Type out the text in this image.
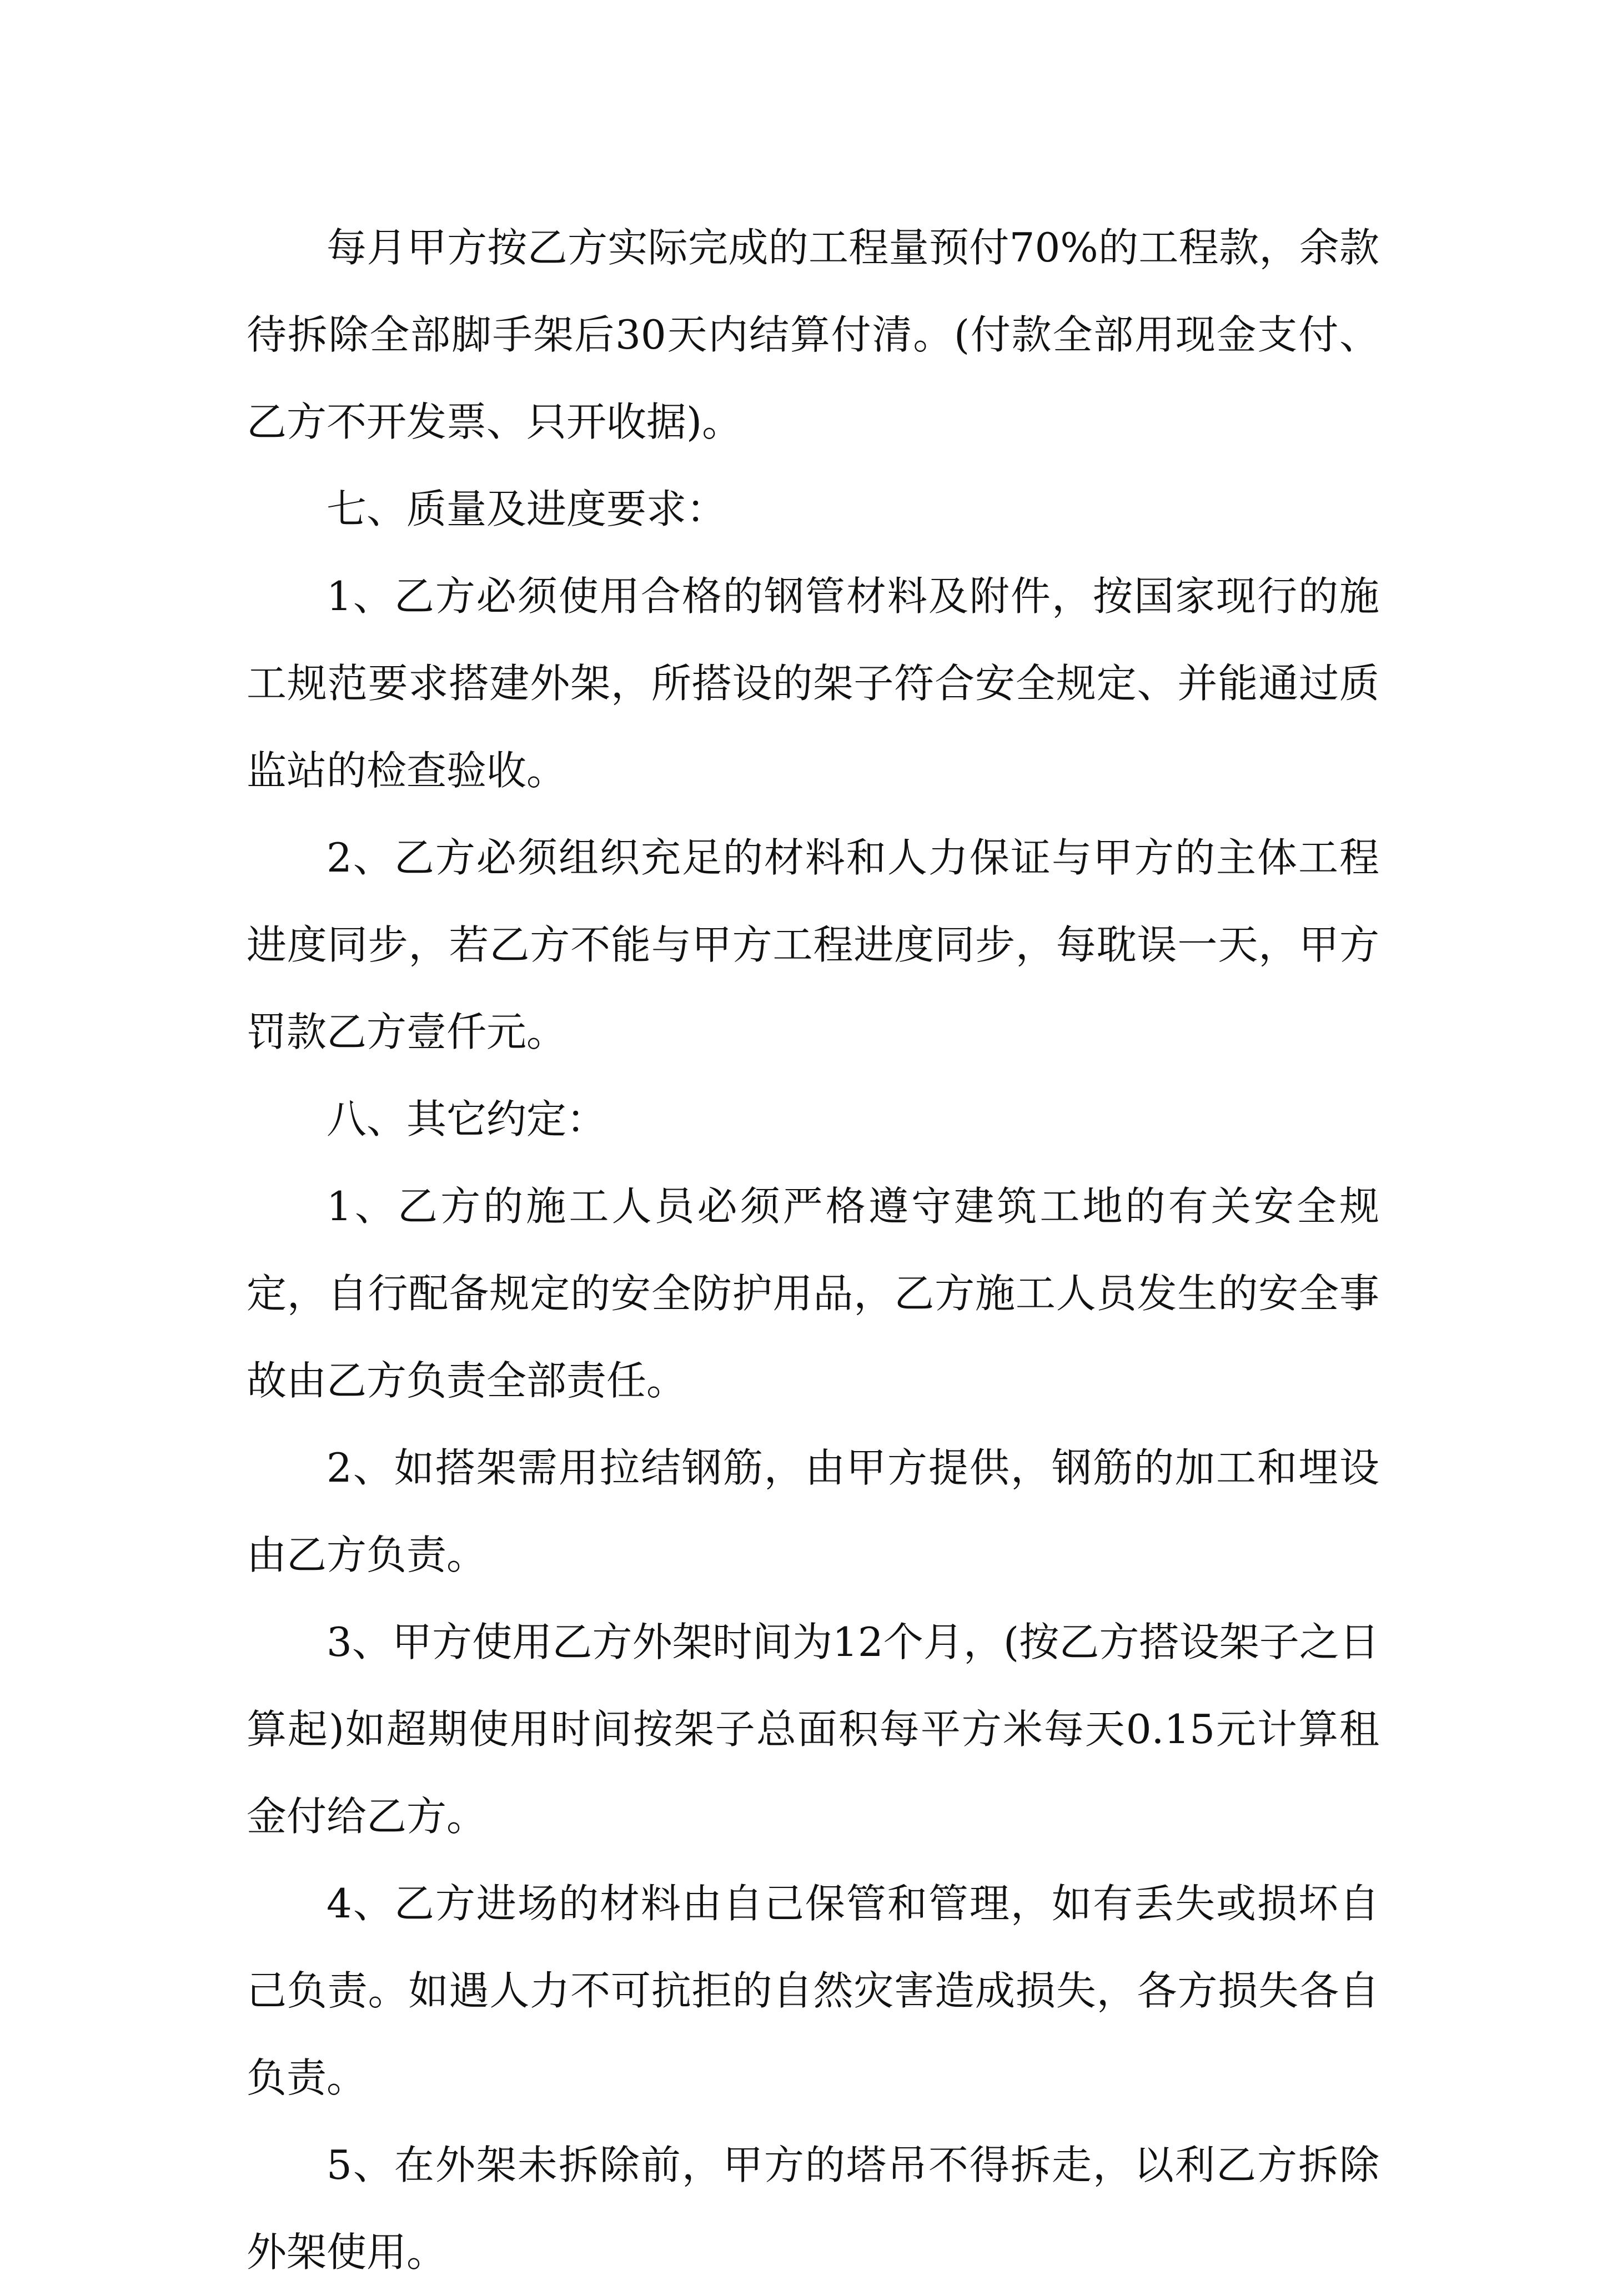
每月甲方按乙方实际完成的工程量预付70%的工程款，余款待拆除全部脚手架后30天内结算付清。(付款全部用现金支付、乙方不开发票、只开收据)。

七、质量及进度要求：

1、乙方必须使用合格的钢管材料及附件，按国家现行的施工规范要求搭建外架，所搭设的架子符合安全规定、并能通过质监站的检查验收。

2、乙方必须组织充足的材料和人力保证与甲方的主体工程进度同步，若乙方不能与甲方工程进度同步，每耽误一天，甲方罚款乙方壹仟元。

八、其它约定：

1、乙方的施工人员必须严格遵守建筑工地的有关安全规定，自行配备规定的安全防护用品，乙方施工人员发生的安全事故由乙方负责全部责任。

2、如搭架需用拉结钢筋，由甲方提供，钢筋的加工和埋设由乙方负责。

3、甲方使用乙方外架时间为12个月，(按乙方搭设架子之日算起)如超期使用时间按架子总面积每平方米每天0.15元计算租金付给乙方。

4、乙方进场的材料由自己保管和管理，如有丢失或损坏自己负责。如遇人力不可抗拒的自然灾害造成损失，各方损失各自负责。

5、在外架未拆除前，甲方的塔吊不得拆走，以利乙方拆除外架使用。
